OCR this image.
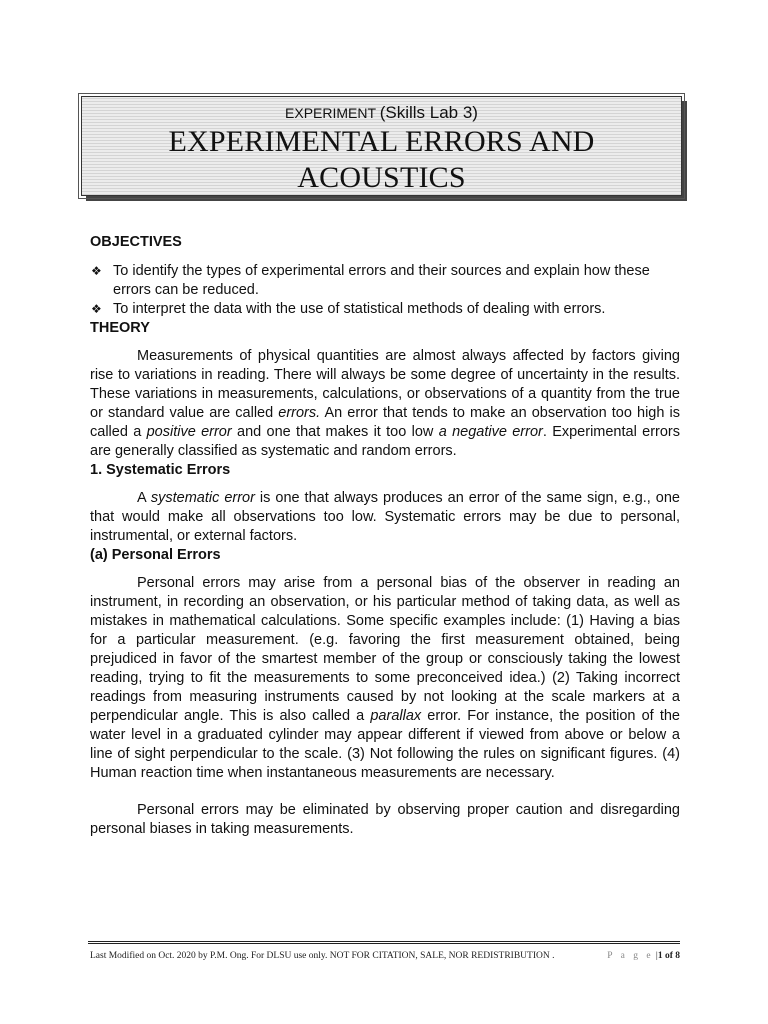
EXPERIMENT (Skills Lab 3)
EXPERIMENTAL ERRORS AND
ACOUSTICS
OBJECTIVES
❖ To identify the types of experimental errors and their sources and explain how these errors can be reduced.
❖ To interpret the data with the use of statistical methods of dealing with errors.
THEORY

Measurements of physical quantities are almost always affected by factors giving rise to variations in reading. There will always be some degree of uncertainty in the results. These variations in measurements, calculations, or observations of a quantity from the true or standard value are called errors. An error that tends to make an observation too high is called a positive error and one that makes it too low a negative error. Experimental errors are generally classified as systematic and random errors.

1. Systematic Errors

A systematic error is one that always produces an error of the same sign, e.g., one that would make all observations too low. Systematic errors may be due to personal, instrumental, or external factors.

(a) Personal Errors

Personal errors may arise from a personal bias of the observer in reading an instrument, in recording an observation, or his particular method of taking data, as well as mistakes in mathematical calculations. Some specific examples include: (1) Having a bias for a particular measurement. (e.g. favoring the first measurement obtained, being prejudiced in favor of the smartest member of the group or consciously taking the lowest reading, trying to fit the measurements to some preconceived idea.) (2) Taking incorrect readings from measuring instruments caused by not looking at the scale markers at a perpendicular angle. This is also called a parallax error. For instance, the position of the water level in a graduated cylinder may appear different if viewed from above or below a line of sight perpendicular to the scale. (3) Not following the rules on significant figures. (4) Human reaction time when instantaneous measurements are necessary.

Personal errors may be eliminated by observing proper caution and disregarding personal biases in taking measurements.

Last Modified on Oct. 2020 by P.M. Ong. For DLSU use only. NOT FOR CITATION, SALE, NOR REDISTRIBUTION .	P a g e |1 of 8
